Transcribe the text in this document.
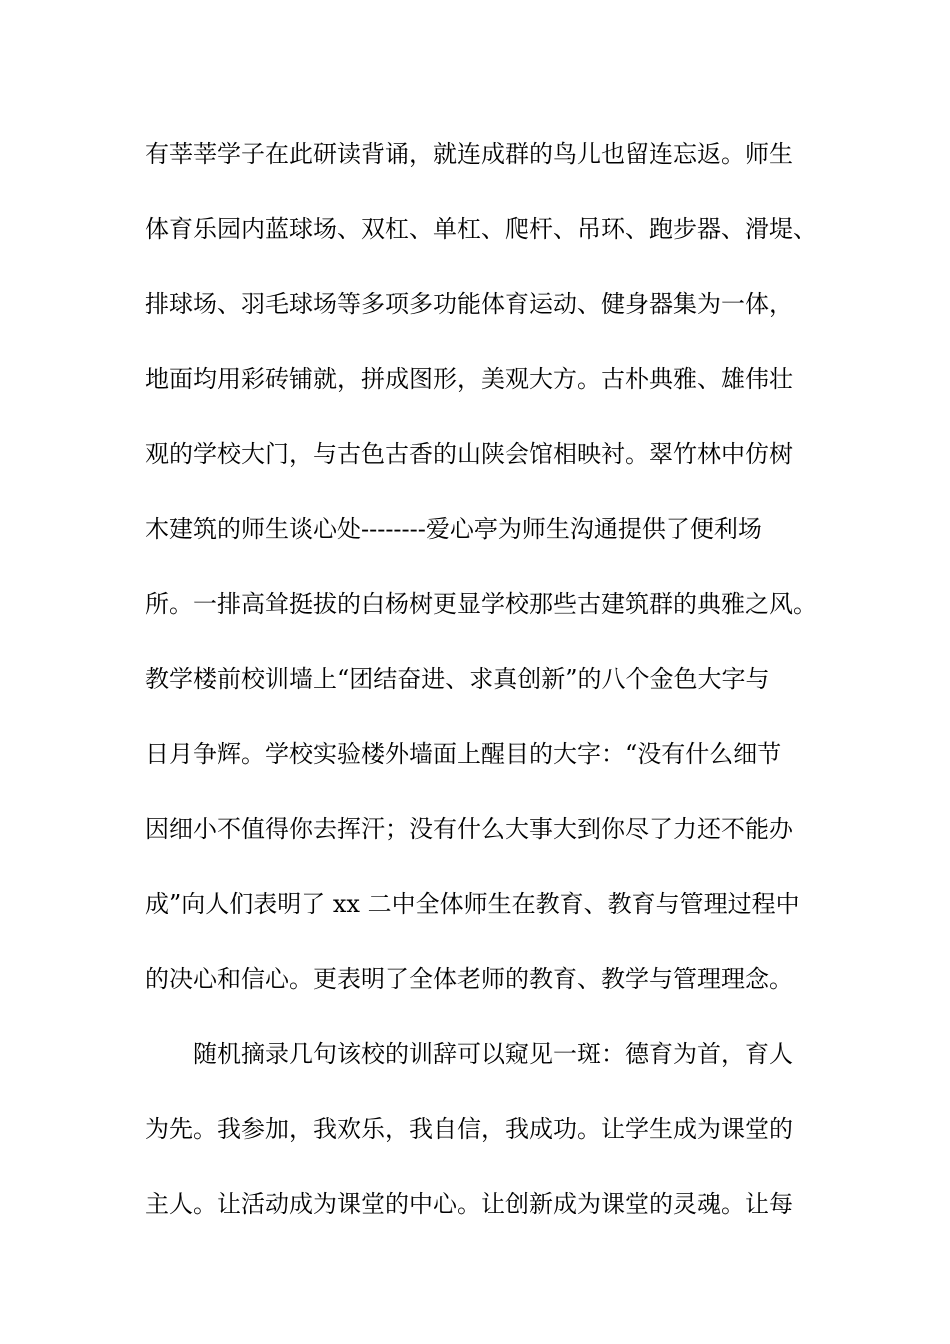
有莘莘学子在此研读背诵，就连成群的鸟儿也留连忘返。师生
体育乐园内蓝球场、双杠、单杠、爬杆、吊环、跑步器、滑堤、
排球场、羽毛球场等多项多功能体育运动、健身器集为一体，
地面均用彩砖铺就，拼成图形，美观大方。古朴典雅、雄伟壮
观的学校大门，与古色古香的山陕会馆相映衬。翠竹林中仿树
木建筑的师生谈心处--------爱心亭为师生沟通提供了便利场
所。一排高耸挺拔的白杨树更显学校那些古建筑群的典雅之风。
教学楼前校训墙上“团结奋进、求真创新”的八个金色大字与
日月争辉。学校实验楼外墙面上醒目的大字：“没有什么细节
因细小不值得你去挥汗；没有什么大事大到你尽了力还不能办
成”向人们表明了 xx 二中全体师生在教育、教育与管理过程中
的决心和信心。更表明了全体老师的教育、教学与管理理念。
随机摘录几句该校的训辞可以窥见一斑：德育为首，育人
为先。我参加，我欢乐，我自信，我成功。让学生成为课堂的
主人。让活动成为课堂的中心。让创新成为课堂的灵魂。让每
